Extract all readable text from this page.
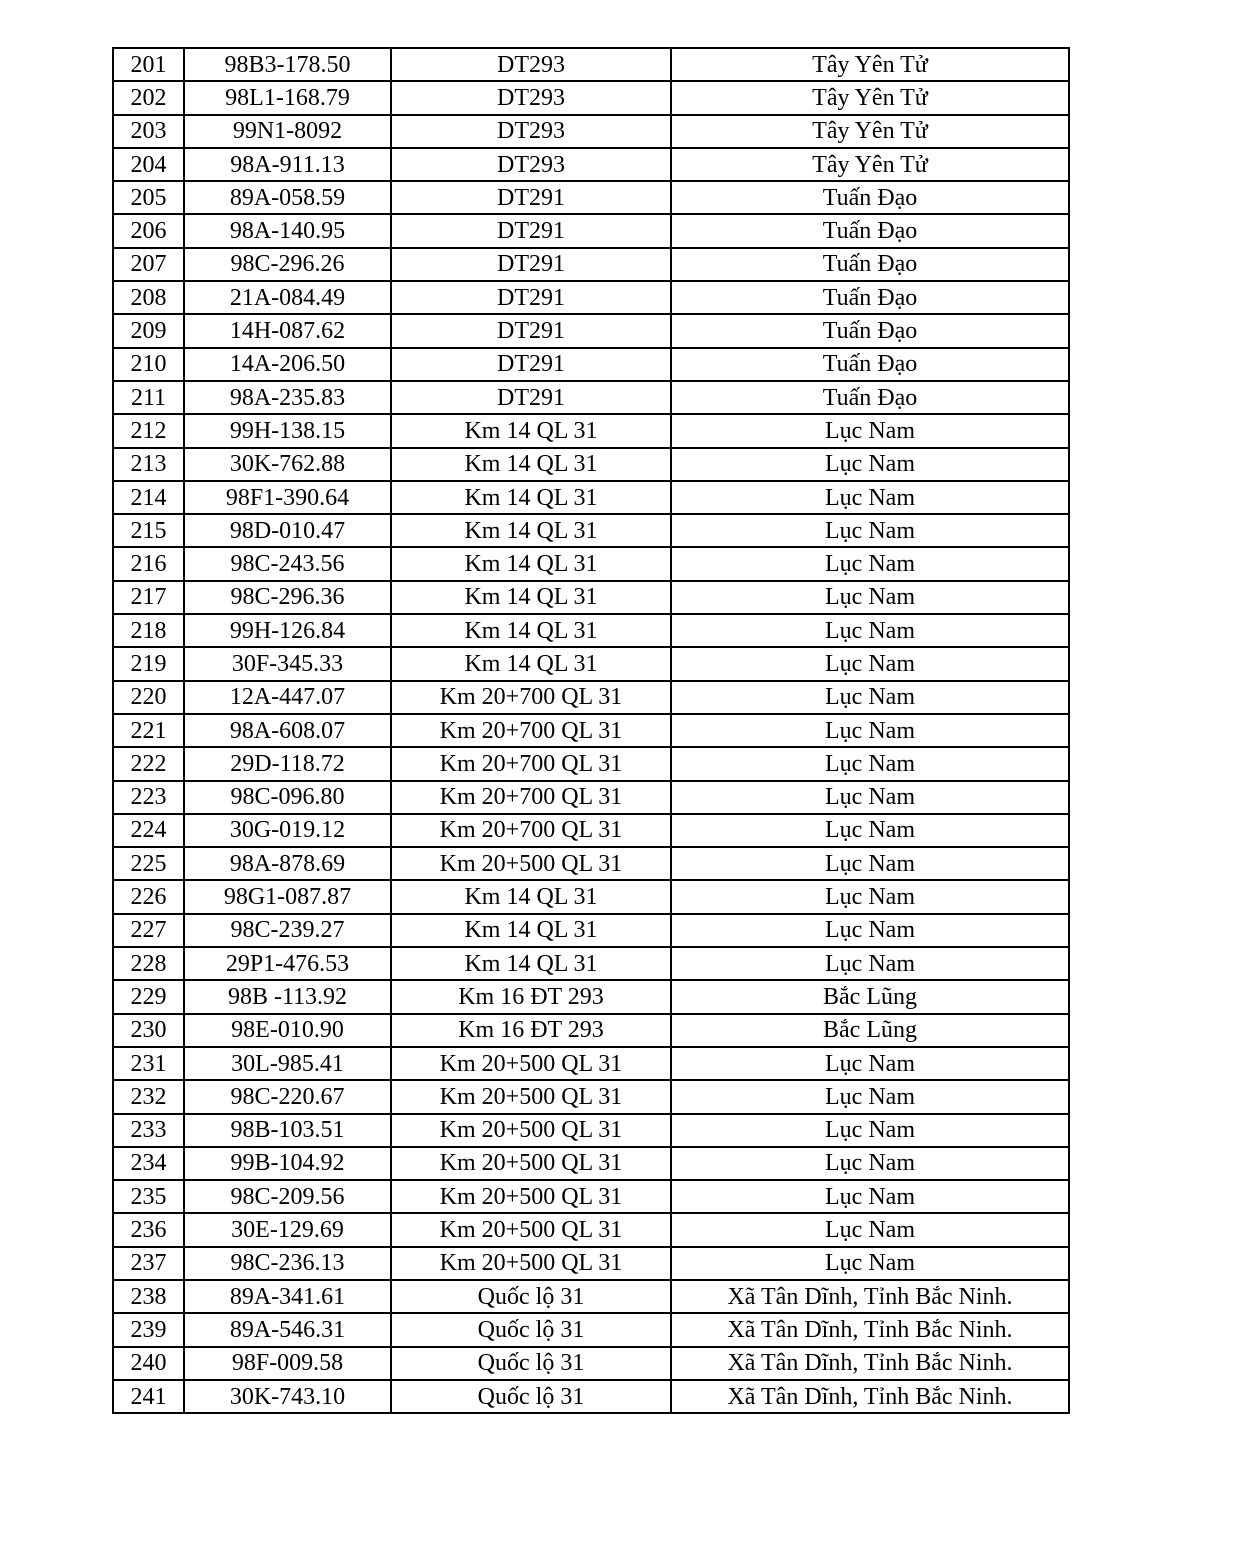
201	98B3-178.50	DT293	Tây Yên Tử
202	98L1-168.79	DT293	Tây Yên Tử
203	99N1-8092	DT293	Tây Yên Tử
204	98A-911.13	DT293	Tây Yên Tử
205	89A-058.59	DT291	Tuấn Đạo
206	98A-140.95	DT291	Tuấn Đạo
207	98C-296.26	DT291	Tuấn Đạo
208	21A-084.49	DT291	Tuấn Đạo
209	14H-087.62	DT291	Tuấn Đạo
210	14A-206.50	DT291	Tuấn Đạo
211	98A-235.83	DT291	Tuấn Đạo
212	99H-138.15	Km 14 QL 31	Lục Nam
213	30K-762.88	Km 14 QL 31	Lục Nam
214	98F1-390.64	Km 14 QL 31	Lục Nam
215	98D-010.47	Km 14 QL 31	Lục Nam
216	98C-243.56	Km 14 QL 31	Lục Nam
217	98C-296.36	Km 14 QL 31	Lục Nam
218	99H-126.84	Km 14 QL 31	Lục Nam
219	30F-345.33	Km 14 QL 31	Lục Nam
220	12A-447.07	Km 20+700 QL 31	Lục Nam
221	98A-608.07	Km 20+700 QL 31	Lục Nam
222	29D-118.72	Km 20+700 QL 31	Lục Nam
223	98C-096.80	Km 20+700 QL 31	Lục Nam
224	30G-019.12	Km 20+700 QL 31	Lục Nam
225	98A-878.69	Km 20+500 QL 31	Lục Nam
226	98G1-087.87	Km 14 QL 31	Lục Nam
227	98C-239.27	Km 14 QL 31	Lục Nam
228	29P1-476.53	Km 14 QL 31	Lục Nam
229	98B -113.92	Km 16 ĐT 293	Bắc Lũng
230	98E-010.90	Km 16 ĐT 293	Bắc Lũng
231	30L-985.41	Km 20+500 QL 31	Lục Nam
232	98C-220.67	Km 20+500 QL 31	Lục Nam
233	98B-103.51	Km 20+500 QL 31	Lục Nam
234	99B-104.92	Km 20+500 QL 31	Lục Nam
235	98C-209.56	Km 20+500 QL 31	Lục Nam
236	30E-129.69	Km 20+500 QL 31	Lục Nam
237	98C-236.13	Km 20+500 QL 31	Lục Nam
238	89A-341.61	Quốc lộ 31	Xã Tân Dĩnh, Tỉnh Bắc Ninh.
239	89A-546.31	Quốc lộ 31	Xã Tân Dĩnh, Tỉnh Bắc Ninh.
240	98F-009.58	Quốc lộ 31	Xã Tân Dĩnh, Tỉnh Bắc Ninh.
241	30K-743.10	Quốc lộ 31	Xã Tân Dĩnh, Tỉnh Bắc Ninh.
